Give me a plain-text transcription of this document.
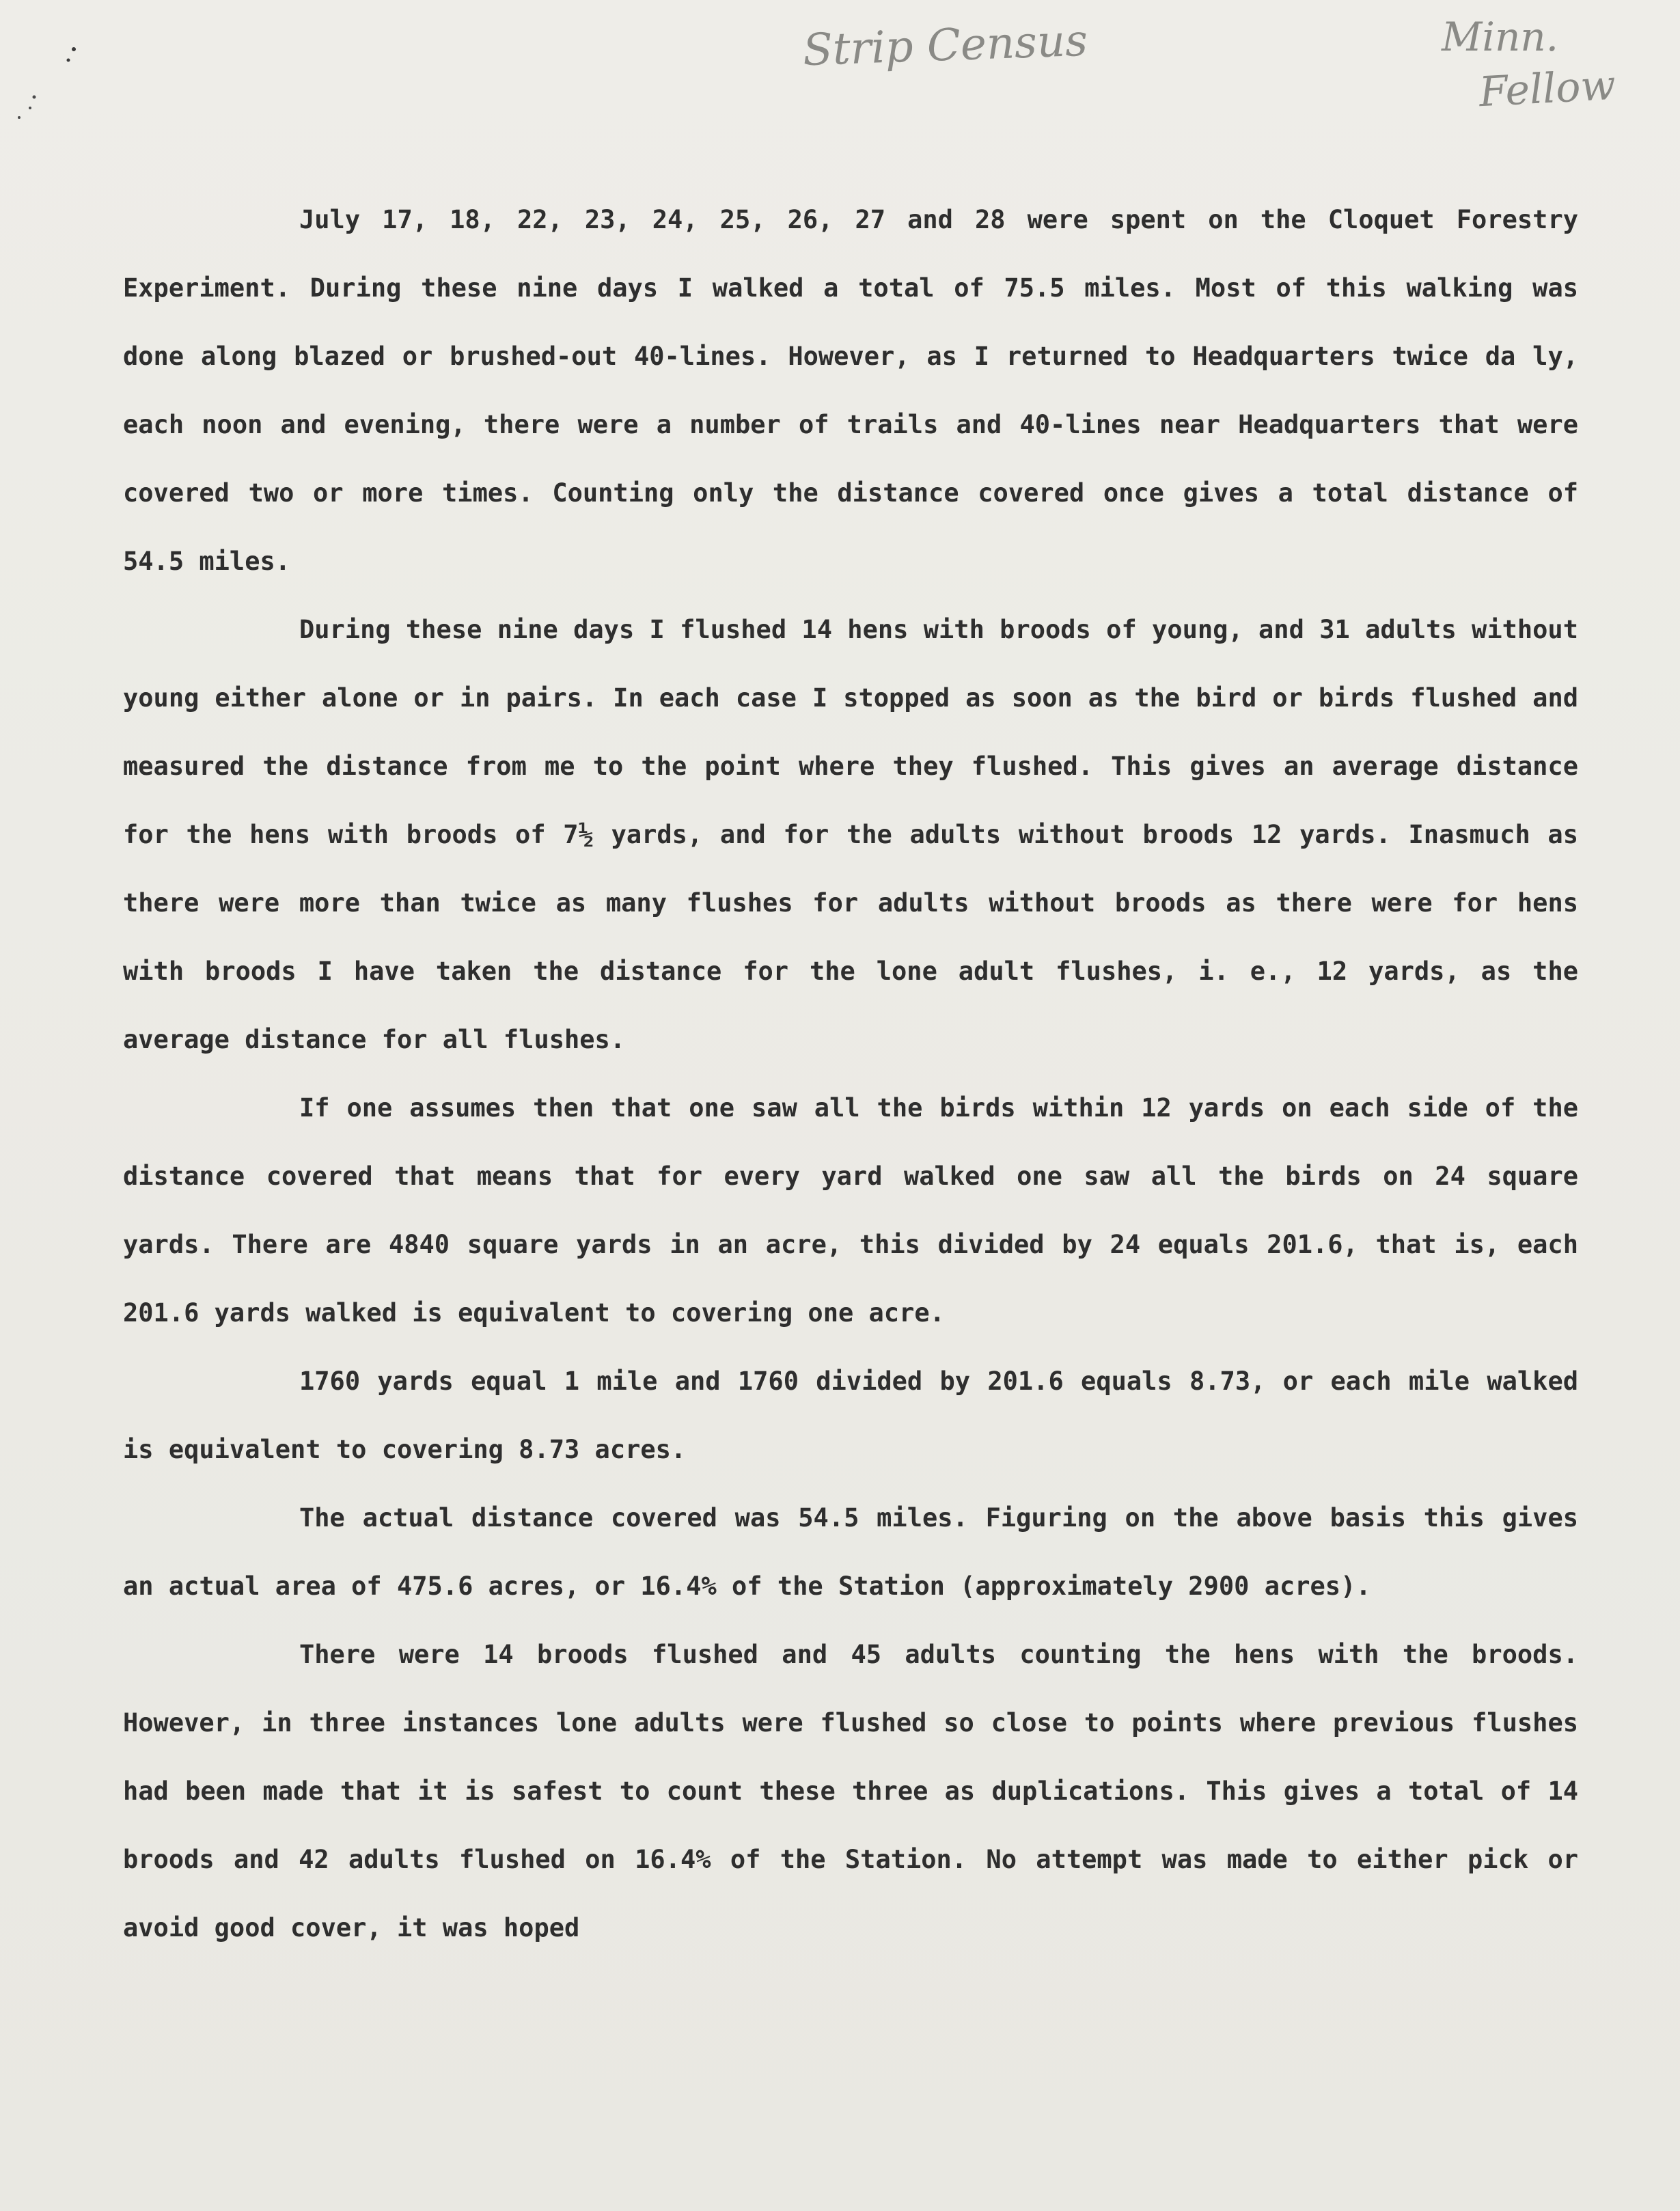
Strip Census	Minn.
Fellow

July 17, 18, 22, 23, 24, 25, 26, 27 and 28 were spent on the Cloquet Forestry Experiment. During these nine days I walked a total of 75.5 miles. Most of this walking was done along blazed or brushed-out 40-lines. However, as I returned to Headquarters twice da ly, each noon and evening, there were a number of trails and 40-lines near Headquarters that were covered two or more times. Counting only the distance covered once gives a total distance of 54.5 miles.

During these nine days I flushed 14 hens with broods of young, and 31 adults without young either alone or in pairs. In each case I stopped as soon as the bird or birds flushed and measured the distance from me to the point where they flushed. This gives an average distance for the hens with broods of 7½ yards, and for the adults without broods 12 yards. Inasmuch as there were more than twice as many flushes for adults without broods as there were for hens with broods I have taken the distance for the lone adult flushes, i. e., 12 yards, as the average distance for all flushes.

If one assumes then that one saw all the birds within 12 yards on each side of the distance covered that means that for every yard walked one saw all the birds on 24 square yards. There are 4840 square yards in an acre, this divided by 24 equals 201.6, that is, each 201.6 yards walked is equivalent to covering one acre.

1760 yards equal 1 mile and 1760 divided by 201.6 equals 8.73, or each mile walked is equivalent to covering 8.73 acres.

The actual distance covered was 54.5 miles. Figuring on the above basis this gives an actual area of 475.6 acres, or 16.4% of the Station (approximately 2900 acres).

There were 14 broods flushed and 45 adults counting the hens with the broods. However, in three instances lone adults were flushed so close to points where previous flushes had been made that it is safest to count these three as duplications. This gives a total of 14 broods and 42 adults flushed on 16.4% of the Station. No attempt was made to either pick or avoid good cover, it was hoped
